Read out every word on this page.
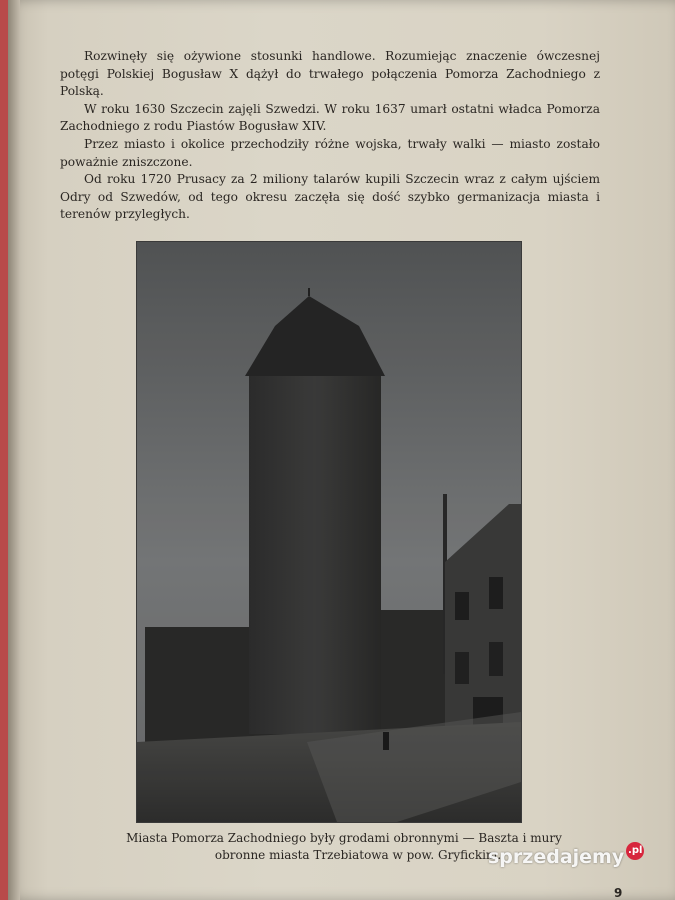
Rozwinęły się ożywione stosunki handlowe. Rozumiejąc znaczenie ówczesnej potęgi Polskiej Bogusław X dążył do trwałego połączenia Pomorza Zachodniego z Polską.

W roku 1630 Szczecin zajęli Szwedzi. W roku 1637 umarł ostatni władca Pomorza Zachodniego z rodu Piastów Bogusław XIV.

Przez miasto i okolice przechodziły różne wojska, trwały walki — miasto zostało poważnie zniszczone.

Od roku 1720 Prusacy za 2 miliony talarów kupili Szczecin wraz z całym ujściem Odry od Szwedów, od tego okresu zaczęła się dość szybko germanizacja miasta i terenów przyległych.

Miasta Pomorza Zachodniego były grodami obronnymi — Baszta i mury
obronne miasta Trzebiatowa w pow. Gryfickim.
sprzedajemy .pl
9
